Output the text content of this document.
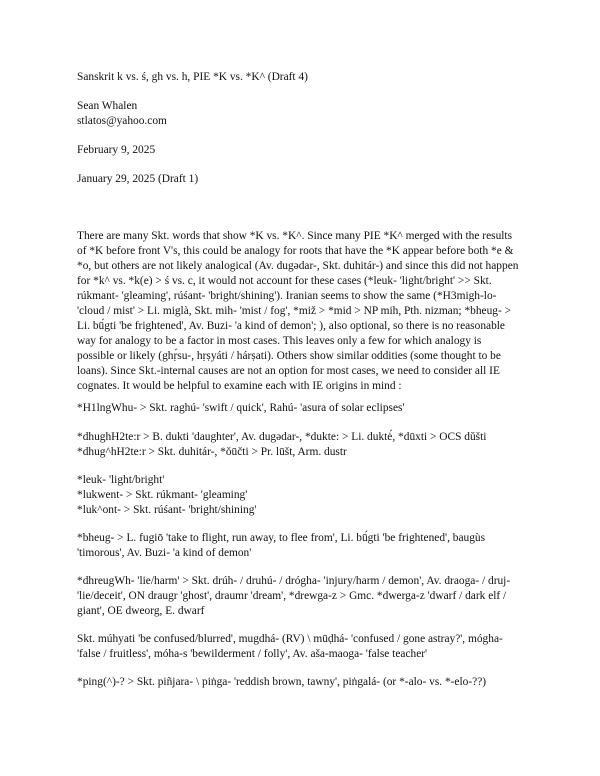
Sanskrit k vs. ś, gh vs. h, PIE *K vs. *K^ (Draft 4)
Sean Whalen
stlatos@yahoo.com
February 9, 2025
January 29, 2025 (Draft 1)
There are many Skt. words that show *K vs. *K^. Since many PIE *K^ merged with the results
of *K before front V's, this could be analogy for roots that have the *K appear before both *e &
*o, but others are not likely analogical (Av. dugədar-, Skt. duhitár-) and since this did not happen
for *k^ vs. *k(e) > ś vs. c, it would not account for these cases (*leuk- 'light/bright' >> Skt.
rúkmant- 'gleaming', rúśant- 'bright/shining'). Iranian seems to show the same (*H3migh-lo-
'cloud / mist' > Li. miglà, Skt. mih- 'mist / fog', *miž > *mid > NP mih, Pth. nizman; *bheug- >
Li. bū́gti 'be frightened', Av. Buzi- 'a kind of demon'; ), also optional, so there is no reasonable
way for analogy to be a factor in most cases. This leaves only a few for which analogy is
possible or likely (ghṛ́su-, hṛṣyáti / hárṣati). Others show similar oddities (some thought to be
loans). Since Skt.-internal causes are not an option for most cases, we need to consider all IE
cognates. It would be helpful to examine each with IE origins in mind :
*H1lngWhu- > Skt. raghú- 'swift / quick', Rahú- 'asura of solar eclipses'
*dhughH2te:r > B. dukti 'daughter', Av. dugədar-, *dukte: > Li. duktė́, *dūxti > OCS dŭšti
*dhug^hH2te:r > Skt. duhitár-, *ǒūčti > Pr. lūšt, Arm. dustr
*leuk- 'light/bright'
*lukwent- > Skt. rúkmant- 'gleaming'
*luk^ont- > Skt. rúśant- 'bright/shining'
*bheug- > L. fugiō 'take to flight, run away, to flee from', Li. bū́gti 'be frightened', baugùs
'timorous', Av. Buzi- 'a kind of demon'
*dhreugWh- 'lie/harm' > Skt. drúh- / druhú- / drógha- 'injury/harm / demon', Av. draoga- / druj-
'lie/deceit', ON draugr 'ghost', draumr 'dream', *drewga-z > Gmc. *dwerga-z 'dwarf / dark elf /
giant', OE dweorg, E. dwarf
Skt. múhyati 'be confused/blurred', mugdhá- (RV) \ mūḍhá- 'confused / gone astray?', mógha-
'false / fruitless', móha-s 'bewilderment / folly', Av. aša-maoga- 'false teacher'
*ping(^)-? > Skt. piñjara- \ piṅga- 'reddish brown, tawny', piṅgalá- (or *-alo- vs. *-elo-??)
